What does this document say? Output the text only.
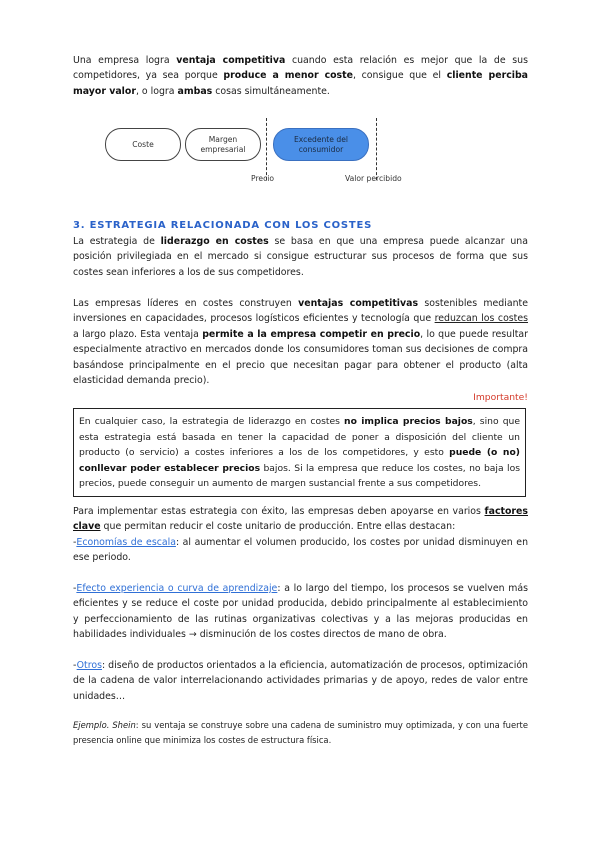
Una empresa logra ventaja competitiva cuando esta relación es mejor que la de sus competidores, ya sea porque produce a menor coste, consigue que el cliente perciba mayor valor, o logra ambas cosas simultáneamente.

Coste
Margen
empresarial
Excedente del
consumidor
Precio	Valor percibido
3. ESTRATEGIA RELACIONADA CON LOS COSTES

La estrategia de liderazgo en costes se basa en que una empresa puede alcanzar una posición privilegiada en el mercado si consigue estructurar sus procesos de forma que sus costes sean inferiores a los de sus competidores.

Las empresas líderes en costes construyen ventajas competitivas sostenibles mediante inversiones en capacidades, procesos logísticos eficientes y tecnología que reduzcan los costes a largo plazo. Esta ventaja permite a la empresa competir en precio, lo que puede resultar especialmente atractivo en mercados donde los consumidores toman sus decisiones de compra basándose principalmente en el precio que necesitan pagar para obtener el producto (alta elasticidad demanda precio).

Importante!

En cualquier caso, la estrategia de liderazgo en costes no implica precios bajos, sino que esta estrategia está basada en tener la capacidad de poner a disposición del cliente un producto (o servicio) a costes inferiores a los de los competidores, y esto puede (o no) conllevar poder establecer precios bajos. Si la empresa que reduce los costes, no baja los precios, puede conseguir un aumento de margen sustancial frente a sus competidores.

Para implementar estas estrategia con éxito, las empresas deben apoyarse en varios factores clave que permitan reducir el coste unitario de producción. Entre ellas destacan:

-Economías de escala: al aumentar el volumen producido, los costes por unidad disminuyen en ese periodo.

-Efecto experiencia o curva de aprendizaje: a lo largo del tiempo, los procesos se vuelven más eficientes y se reduce el coste por unidad producida, debido principalmente al establecimiento y perfeccionamiento de las rutinas organizativas colectivas y a las mejoras producidas en habilidades individuales → disminución de los costes directos de mano de obra.

-Otros: diseño de productos orientados a la eficiencia, automatización de procesos, optimización de la cadena de valor interrelacionando actividades primarias y de apoyo, redes de valor entre unidades…

Ejemplo. Shein: su ventaja se construye sobre una cadena de suministro muy optimizada, y con una fuerte presencia online que minimiza los costes de estructura física.
